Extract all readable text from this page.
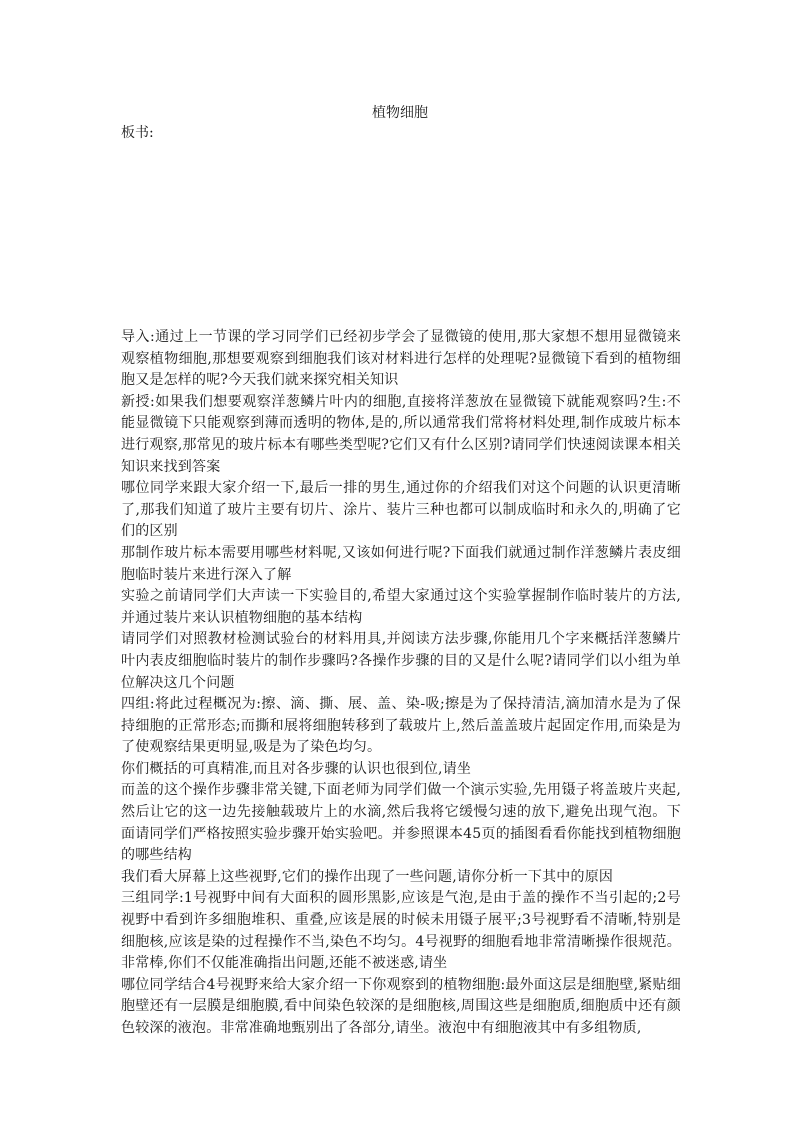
植物细胞
板书:

导入:通过上一节课的学习同学们已经初步学会了显微镜的使用,那大家想不想用显微镜来观察植物细胞,那想要观察到细胞我们该对材料进行怎样的处理呢?显微镜下看到的植物细胞又是怎样的呢?今天我们就来探究相关知识

新授:如果我们想要观察洋葱鳞片叶内的细胞,直接将洋葱放在显微镜下就能观察吗?生:不能显微镜下只能观察到薄而透明的物体,是的,所以通常我们常将材料处理,制作成玻片标本进行观察,那常见的玻片标本有哪些类型呢?它们又有什么区别?请同学们快速阅读课本相关知识来找到答案

哪位同学来跟大家介绍一下,最后一排的男生,通过你的介绍我们对这个问题的认识更清晰了,那我们知道了玻片主要有切片、涂片、装片三种也都可以制成临时和永久的,明确了它们的区别

那制作玻片标本需要用哪些材料呢,又该如何进行呢?下面我们就通过制作洋葱鳞片表皮细胞临时装片来进行深入了解

实验之前请同学们大声读一下实验目的,希望大家通过这个实验掌握制作临时装片的方法,并通过装片来认识植物细胞的基本结构

请同学们对照教材检测试验台的材料用具,并阅读方法步骤,你能用几个字来概括洋葱鳞片叶内表皮细胞临时装片的制作步骤吗?各操作步骤的目的又是什么呢?请同学们以小组为单位解决这几个问题

四组:将此过程概况为:擦、滴、撕、展、盖、染-吸;擦是为了保持清洁,滴加清水是为了保持细胞的正常形态;而撕和展将细胞转移到了载玻片上,然后盖盖玻片起固定作用,而染是为了使观察结果更明显,吸是为了染色均匀。

你们概括的可真精准,而且对各步骤的认识也很到位,请坐

而盖的这个操作步骤非常关键,下面老师为同学们做一个演示实验,先用镊子将盖玻片夹起,然后让它的这一边先接触载玻片上的水滴,然后我将它缓慢匀速的放下,避免出现气泡。下面请同学们严格按照实验步骤开始实验吧。并参照课本45页的插图看看你能找到植物细胞的哪些结构

我们看大屏幕上这些视野,它们的操作出现了一些问题,请你分析一下其中的原因

三组同学:1号视野中间有大面积的圆形黑影,应该是气泡,是由于盖的操作不当引起的;2号视野中看到许多细胞堆积、重叠,应该是展的时候未用镊子展平;3号视野看不清晰,特别是细胞核,应该是染的过程操作不当,染色不均匀。4号视野的细胞看地非常清晰操作很规范。非常棒,你们不仅能准确指出问题,还能不被迷惑,请坐

哪位同学结合4号视野来给大家介绍一下你观察到的植物细胞:最外面这层是细胞壁,紧贴细胞壁还有一层膜是细胞膜,看中间染色较深的是细胞核,周围这些是细胞质,细胞质中还有颜色较深的液泡。非常准确地甄别出了各部分,请坐。液泡中有细胞液其中有多组物质,
